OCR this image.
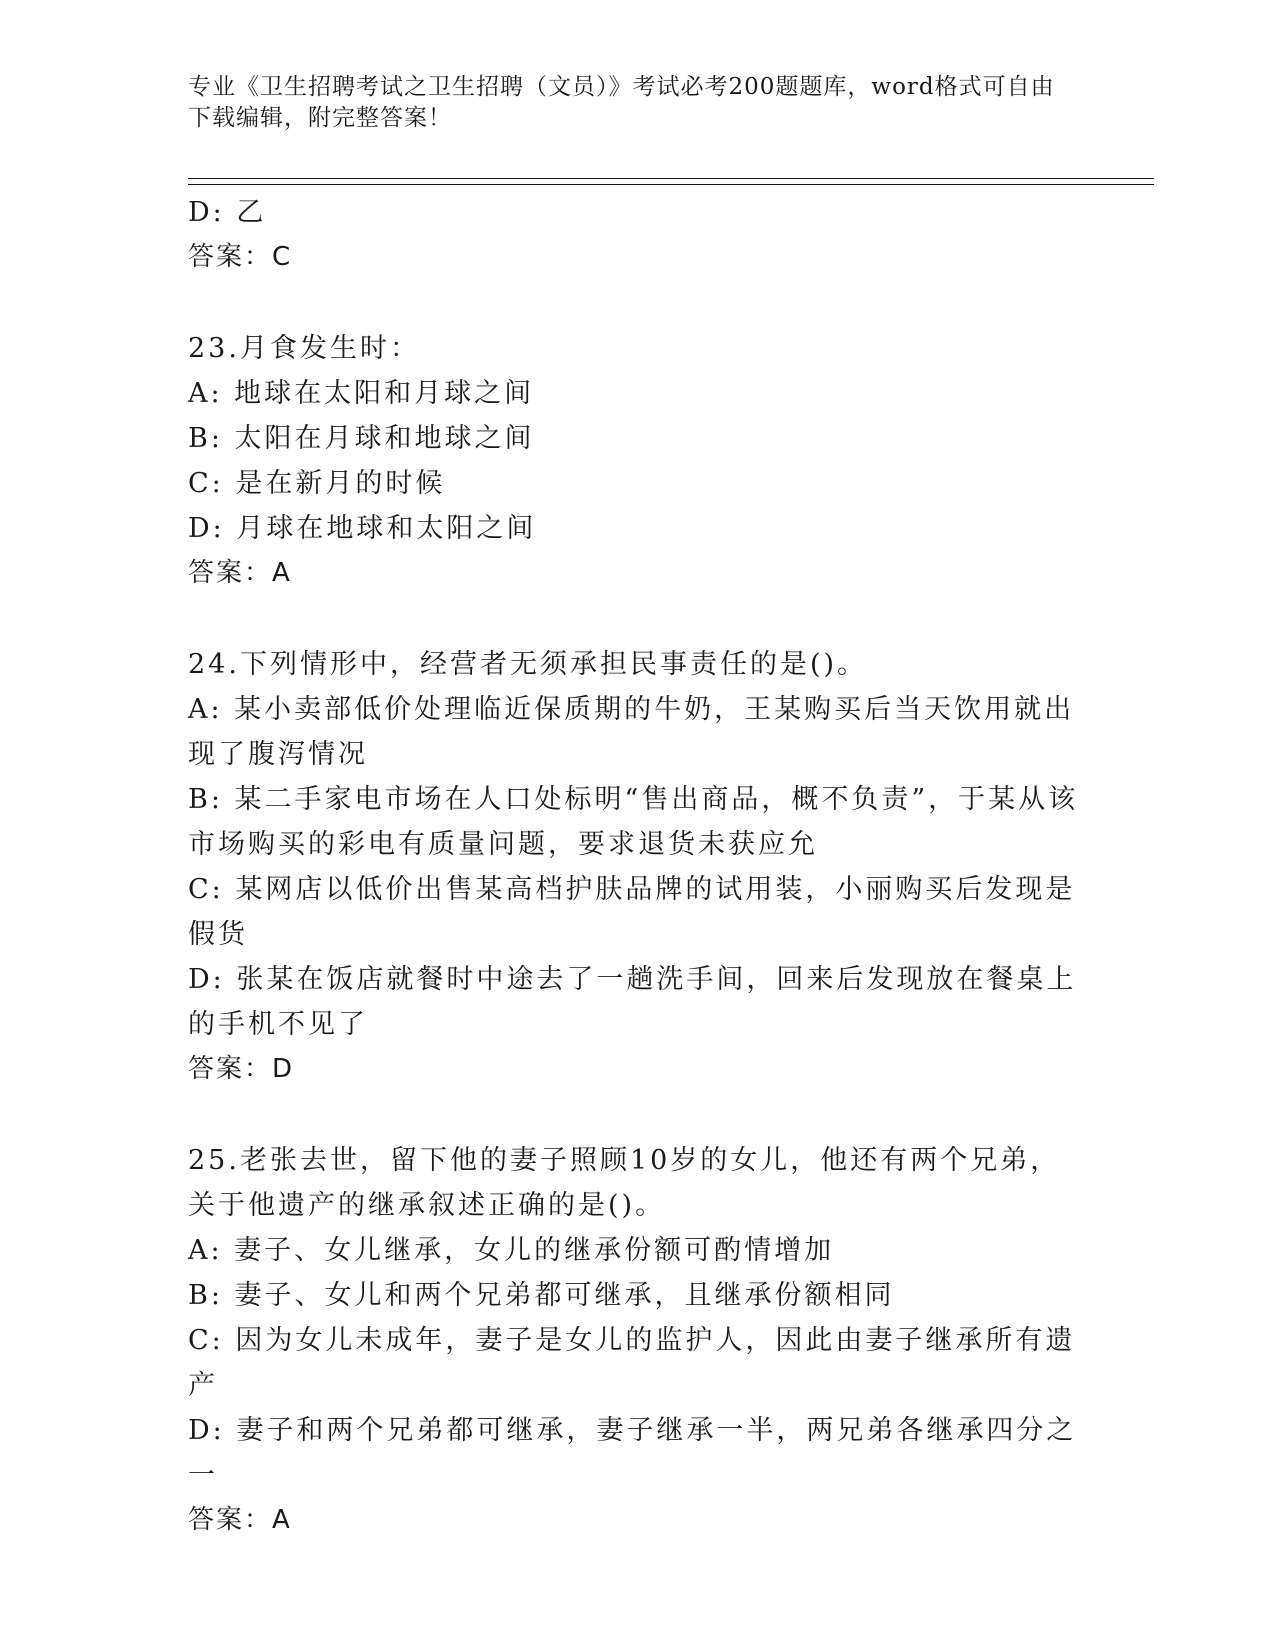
专业《卫生招聘考试之卫生招聘（文员）》考试必考200题题库，word格式可自由下载编辑，附完整答案！

D: 乙

答案：C

23.月食发生时：

A: 地球在太阳和月球之间

B: 太阳在月球和地球之间

C: 是在新月的时候

D: 月球在地球和太阳之间

答案：A

24.下列情形中，经营者无须承担民事责任的是()。

A: 某小卖部低价处理临近保质期的牛奶，王某购买后当天饮用就出现了腹泻情况

B: 某二手家电市场在人口处标明“售出商品，概不负责”，于某从该市场购买的彩电有质量问题，要求退货未获应允

C: 某网店以低价出售某高档护肤品牌的试用装，小丽购买后发现是假货

D: 张某在饭店就餐时中途去了一趟洗手间，回来后发现放在餐桌上的手机不见了

答案：D

25.老张去世，留下他的妻子照顾10岁的女儿，他还有两个兄弟，关于他遗产的继承叙述正确的是()。

A: 妻子、女儿继承，女儿的继承份额可酌情增加

B: 妻子、女儿和两个兄弟都可继承，且继承份额相同

C: 因为女儿未成年，妻子是女儿的监护人，因此由妻子继承所有遗产

D: 妻子和两个兄弟都可继承，妻子继承一半，两兄弟各继承四分之一

答案：A
